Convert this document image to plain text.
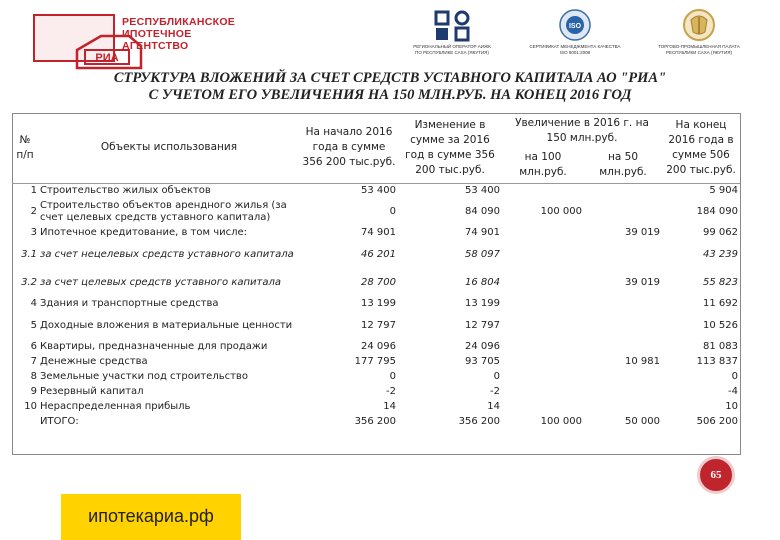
РИА
РЕСПУБЛИКАНСКОЕ
ИПОТЕЧНОЕ
АГЕНТСТВО	РЕГИОНАЛЬНЫЙ ОПЕРАТОР АИЖК
ПО РЕСПУБЛИКЕ САХА (ЯКУТИЯ)
ISO
СЕРТИФИКАТ МЕНЕДЖМЕНТА КАЧЕСТВА
ISO 9001:2008
ТОРГОВО-ПРОМЫШЛЕННАЯ ПАЛАТА
РЕСПУБЛИКИ САХА (ЯКУТИЯ)
СТРУКТУРА ВЛОЖЕНИЙ ЗА СЧЕТ СРЕДСТВ УСТАВНОГО КАПИТАЛА АО "РИА"
С УЧЕТОМ ЕГО УВЕЛИЧЕНИЯ НА 150 МЛН.РУБ. НА КОНЕЦ 2016 ГОД
№ п/п	Объекты использования	На начало 2016 года в сумме 356 200 тыс.руб.	Изменение в сумме за 2016 год в сумме 356 200 тыс.руб.	Увеличение в 2016 г. на 150 млн.руб.		На конец 2016 года в сумме 506 200 тыс.руб.
				на 100 млн.руб.	на 50 млн.руб.	
1	Строительство жилых объектов	53 400	53 400			5 904
2	Строительство объектов арендного жилья (за счет целевых средств уставного капитала)	0	84 090	100 000		184 090
3	Ипотечное кредитование, в том числе:	74 901	74 901		39 019	99 062
3.1	за счет нецелевых средств уставного капитала	46 201	58 097			43 239
3.2	за счет целевых средств уставного капитала	28 700	16 804		39 019	55 823
4	Здания и транспортные средства	13 199	13 199			11 692
5	Доходные вложения в материальные ценности	12 797	12 797			10 526
6	Квартиры, предназначенные для продажи	24 096	24 096			81 083
7	Денежные средства	177 795	93 705		10 981	113 837
8	Земельные участки под строительство	0	0			0
9	Резервный капитал	-2	-2			-4
10	Нераспределенная прибыль	14	14			10
	ИТОГО:	356 200	356 200	100 000	50 000	506 200
65
ипотекариа.рф
